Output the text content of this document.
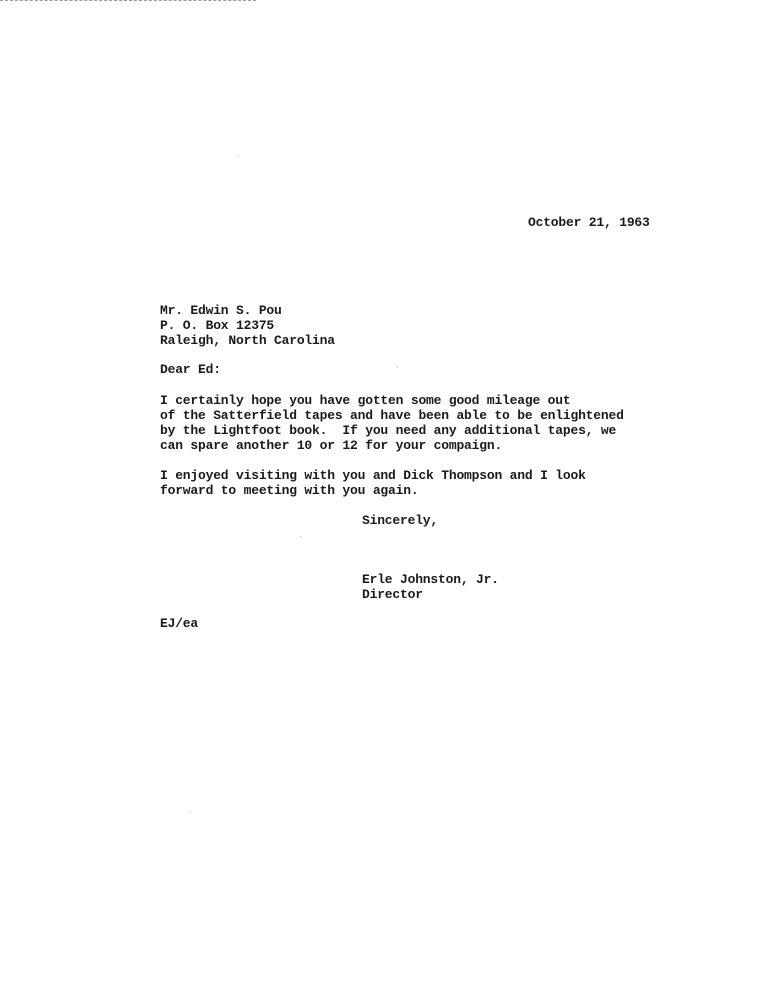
October 21, 1963
Mr. Edwin S. Pou
P. O. Box 12375
Raleigh, North Carolina
Dear Ed:
I certainly hope you have gotten some good mileage out
of the Satterfield tapes and have been able to be enlightened
by the Lightfoot book.  If you need any additional tapes, we
can spare another 10 or 12 for your compaign.
I enjoyed visiting with you and Dick Thompson and I look
forward to meeting with you again.
Sincerely,
Erle Johnston, Jr.
Director
EJ/ea
